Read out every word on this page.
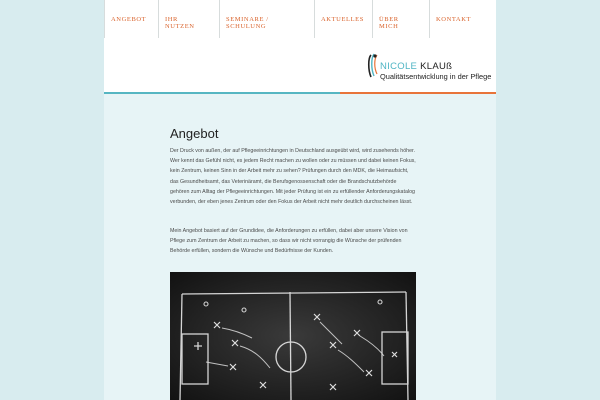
ANGEBOT	IHR NUTZEN
SEMINARE / SCHULUNG
AKTUELLES	ÜBER MICH
KONTAKT
NICOLE KLAUß
Qualitätsentwicklung in der Pflege
Angebot

Der Druck von außen, der auf Pflegeeinrichtungen in Deutschland ausgeübt wird, wird zusehends höher. Wer kennt das Gefühl nicht, es jedem Recht machen zu wollen oder zu müssen und dabei keinen Fokus, kein Zentrum, keinen Sinn in der Arbeit mehr zu sehen? Prüfungen durch den MDK, die Heimaufsicht, das Gesundheitsamt, das Veterinäramt, die Berufsgenossenschaft oder die Brandschutzbehörde gehören zum Alltag der Pflegeeinrichtungen. Mit jeder Prüfung ist ein zu erfüllender Anforderungskatalog verbunden, der eben jenes Zentrum oder den Fokus der Arbeit nicht mehr deutlich durchscheinen lässt.

Mein Angebot basiert auf der Grundidee, die Anforderungen zu erfüllen, dabei aber unsere Vision von Pflege zum Zentrum der Arbeit zu machen, so dass wir nicht vorrangig die Wünsche der prüfenden Behörde erfüllen, sondern die Wünsche und Bedürfnisse der Kunden.
